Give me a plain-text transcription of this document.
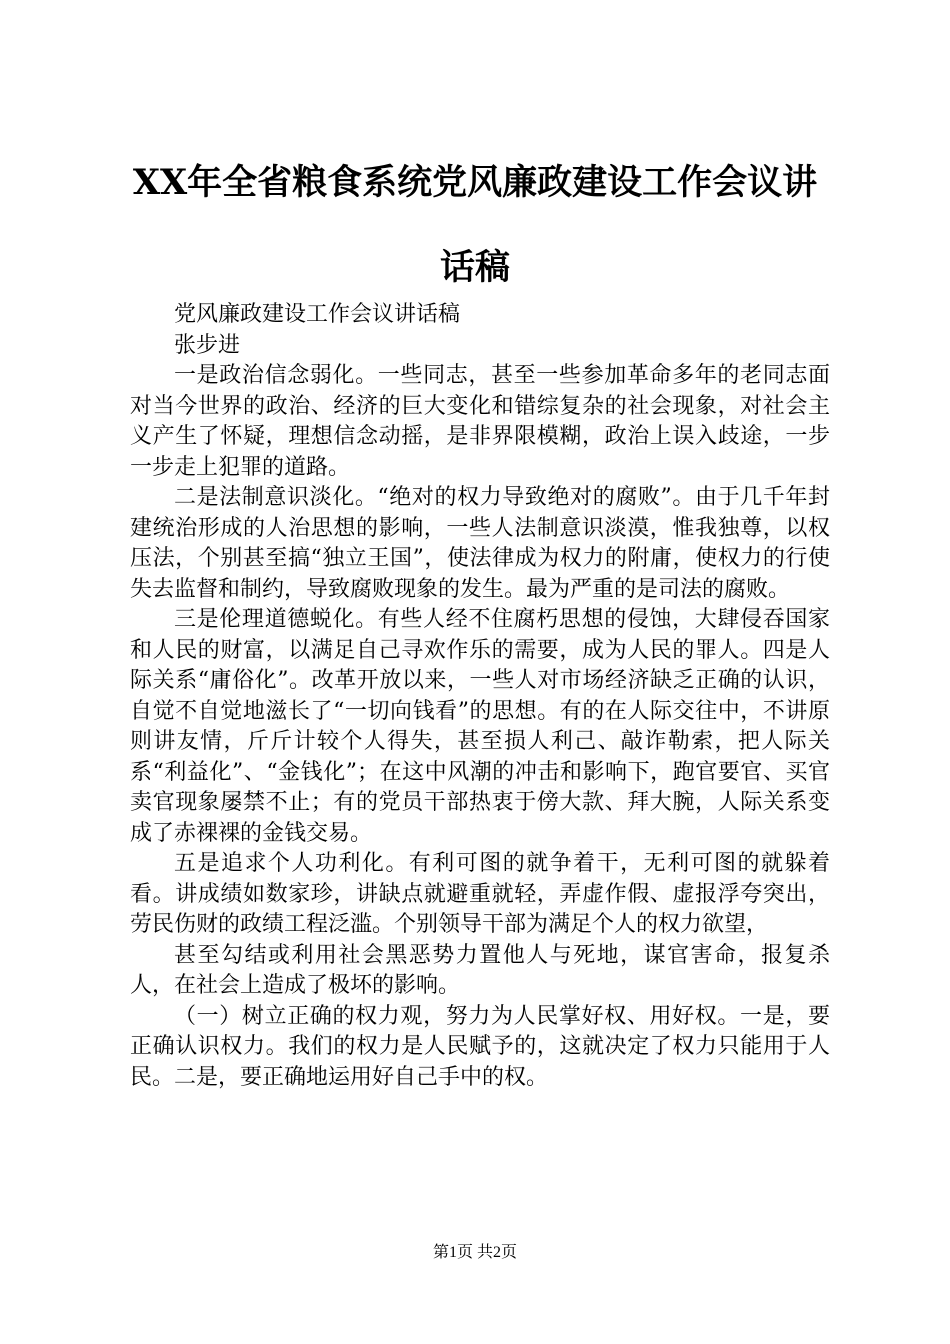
XX年全省粮食系统党风廉政建设工作会议讲
话稿

党风廉政建设工作会议讲话稿

张步进

一是政治信念弱化。一些同志，甚至一些参加革命多年的老同志面对当今世界的政治、经济的巨大变化和错综复杂的社会现象，对社会主义产生了怀疑，理想信念动摇，是非界限模糊，政治上误入歧途，一步一步走上犯罪的道路。

二是法制意识淡化。“绝对的权力导致绝对的腐败”。由于几千年封建统治形成的人治思想的影响，一些人法制意识淡漠，惟我独尊，以权压法，个别甚至搞“独立王国”，使法律成为权力的附庸，使权力的行使失去监督和制约，导致腐败现象的发生。最为严重的是司法的腐败。

三是伦理道德蜕化。有些人经不住腐朽思想的侵蚀，大肆侵吞国家和人民的财富，以满足自己寻欢作乐的需要，成为人民的罪人。四是人际关系“庸俗化”。改革开放以来，一些人对市场经济缺乏正确的认识，自觉不自觉地滋长了“一切向钱看”的思想。有的在人际交往中，不讲原则讲友情，斤斤计较个人得失，甚至损人利己、敲诈勒索，把人际关系“利益化”、“金钱化”；在这中风潮的冲击和影响下，跑官要官、买官卖官现象屡禁不止；有的党员干部热衷于傍大款、拜大腕，人际关系变成了赤裸裸的金钱交易。

五是追求个人功利化。有利可图的就争着干，无利可图的就躲着看。讲成绩如数家珍，讲缺点就避重就轻，弄虚作假、虚报浮夸突出，劳民伤财的政绩工程泛滥。个别领导干部为满足个人的权力欲望，

甚至勾结或利用社会黑恶势力置他人与死地，谋官害命，报复杀人，在社会上造成了极坏的影响。

（一）树立正确的权力观，努力为人民掌好权、用好权。一是，要正确认识权力。我们的权力是人民赋予的，这就决定了权力只能用于人民。二是，要正确地运用好自己手中的权。

第1页 共2页
